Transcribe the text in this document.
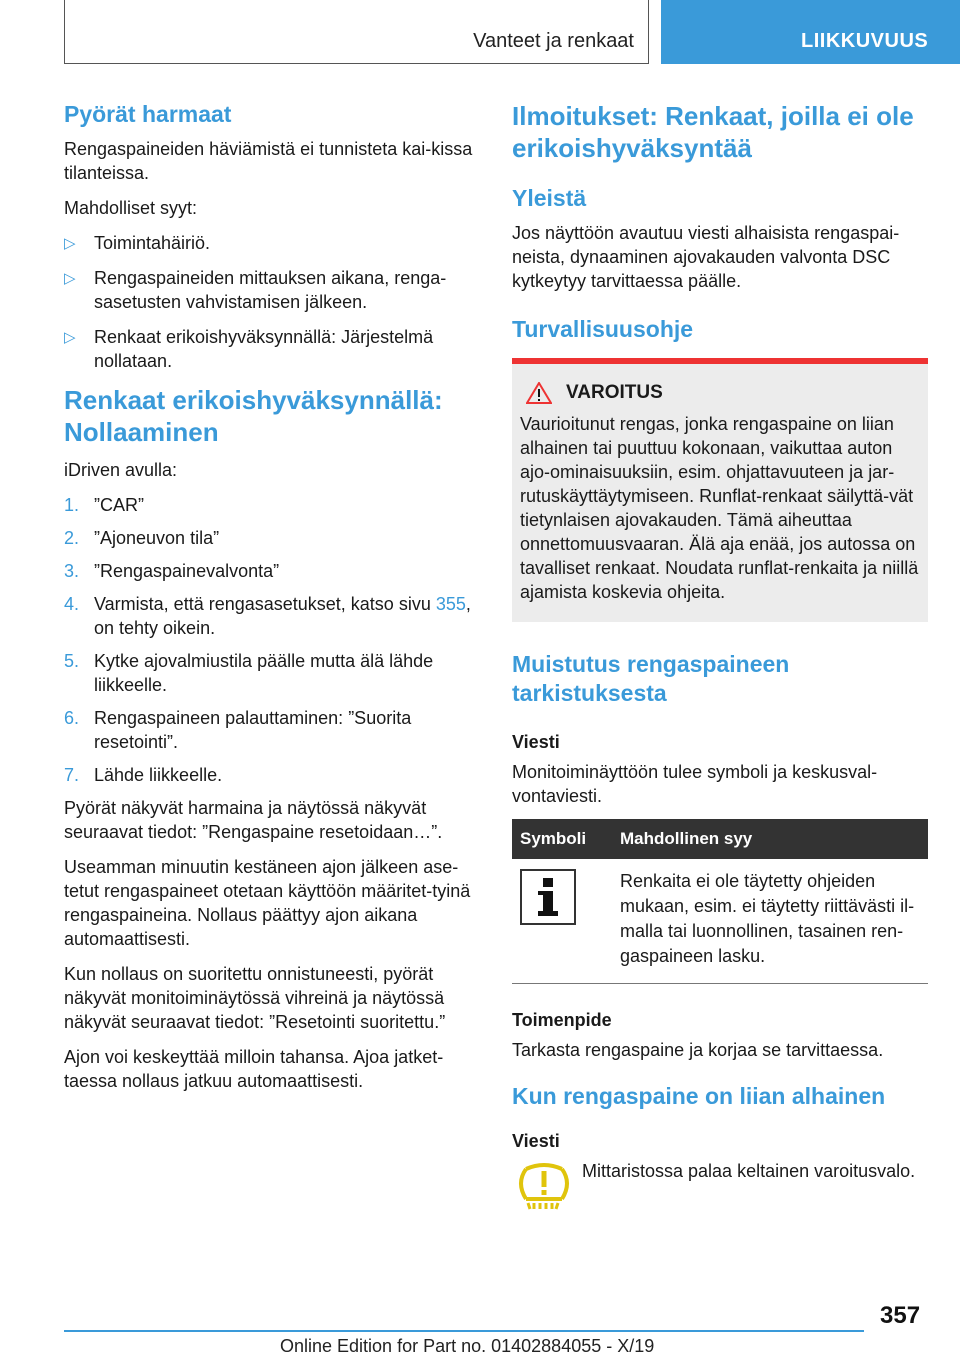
Vanteet ja renkaat	LIIKKUVUUS
Pyörät harmaat

Rengaspaineiden häviämistä ei tunnisteta kai-kissa tilanteissa.

Mahdolliset syyt:

▷ Toimintahäiriö.
▷ Rengaspaineiden mittauksen aikana, renga-sasetusten vahvistamisen jälkeen.
▷ Renkaat erikoishyväksynnällä: Järjestelmä nollataan.
Renkaat erikoishyväksynnällä: Nollaaminen

iDriven avulla:

1. ”CAR”
2. ”Ajoneuvon tila”
3. ”Rengaspainevalvonta”
4. Varmista, että rengasasetukset, katso sivu 355, on tehty oikein.
5. Kytke ajovalmiustila päälle mutta älä lähde liikkeelle.
6. Rengaspaineen palauttaminen: ”Suorita resetointi”.
7. Lähde liikkeelle.

Pyörät näkyvät harmaina ja näytössä näkyvät seuraavat tiedot: ”Rengaspaine resetoidaan…”.

Useamman minuutin kestäneen ajon jälkeen ase-tetut rengaspaineet otetaan käyttöön määritet-tyinä rengaspaineina. Nollaus päättyy ajon aikana automaattisesti.

Kun nollaus on suoritettu onnistuneesti, pyörät näkyvät monitoiminäytössä vihreinä ja näytössä näkyvät seuraavat tiedot: ”Resetointi suoritettu.”

Ajon voi keskeyttää milloin tahansa. Ajoa jatket-taessa nollaus jatkuu automaattisesti.

Ilmoitukset: Renkaat, joilla ei ole erikoishyväksyntää
Yleistä

Jos näyttöön avautuu viesti alhaisista rengaspai-neista, dynaaminen ajovakauden valvonta DSC kytkeytyy tarvittaessa päälle.

Turvallisuusohje
VAROITUS

Vaurioitunut rengas, jonka rengaspaine on liian alhainen tai puuttuu kokonaan, vaikuttaa auton ajo-ominaisuuksiin, esim. ohjattavuuteen ja jar-rutuskäyttäytymiseen. Runflat-renkaat säilyttä-vät tietynlaisen ajovakauden. Tämä aiheuttaa onnettomuusvaaran. Älä aja enää, jos autossa on tavalliset renkaat. Noudata runflat-renkaita ja niillä ajamista koskevia ohjeita.

Muistutus rengaspaineen tarkistuksesta
Viesti

Monitoiminäyttöön tulee symboli ja keskusval-vontaviesti.

Symboli	Mahdollinen syy
	Renkaita ei ole täytetty ohjeiden mukaan, esim. ei täytetty riittävästi il-malla tai luonnollinen, tasainen ren-gaspaineen lasku.
Toimenpide

Tarkasta rengaspaine ja korjaa se tarvittaessa.

Kun rengaspaine on liian alhainen
Viesti

Mittaristossa palaa keltainen varoitusvalo.

357
Online Edition for Part no. 01402884055 - X/19
